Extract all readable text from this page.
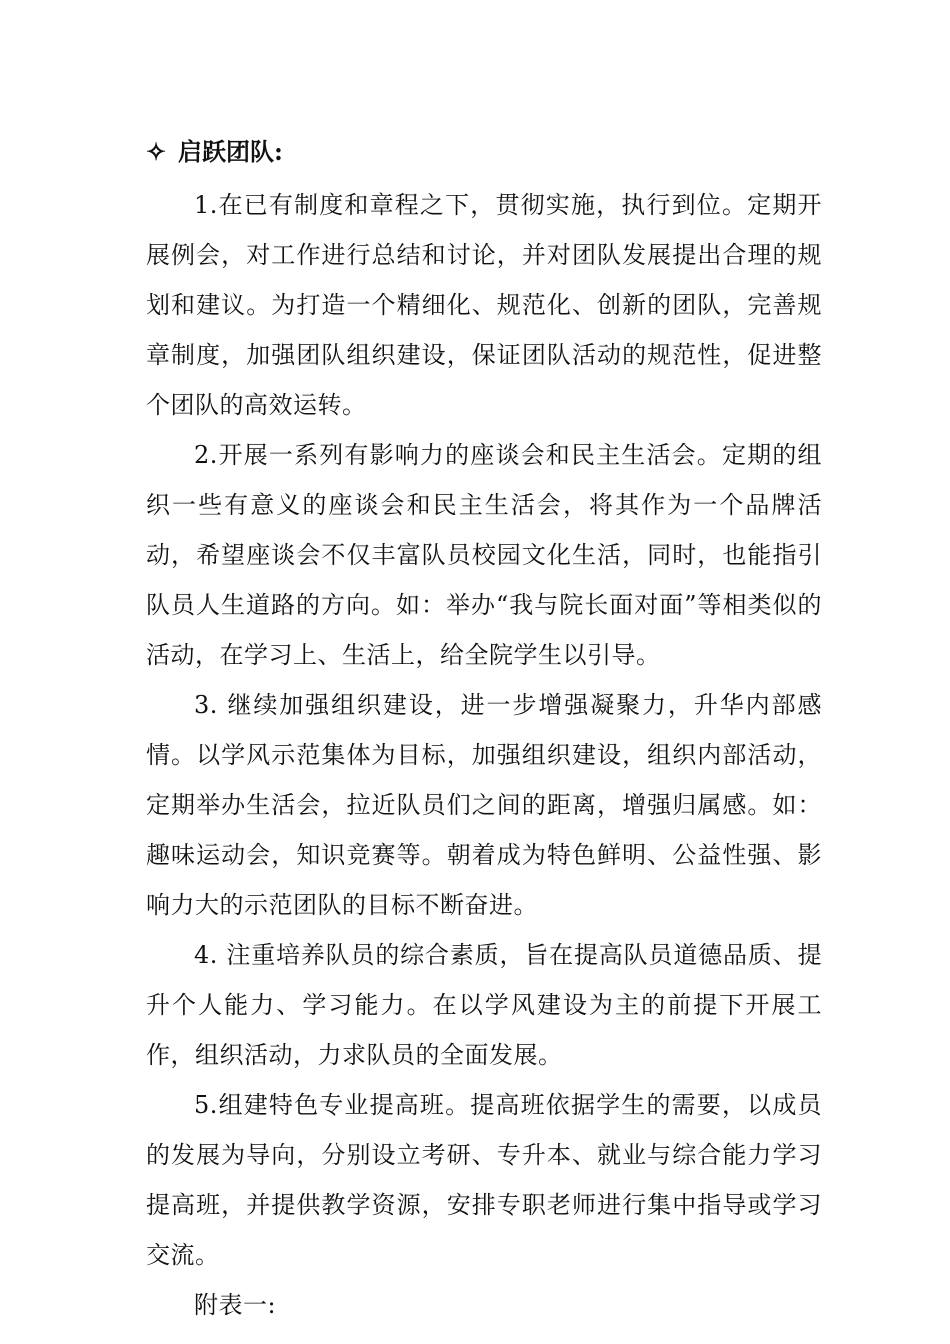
✧ 启跃团队:

1.在已有制度和章程之下，贯彻实施，执行到位。定期开展例会，对工作进行总结和讨论，并对团队发展提出合理的规划和建议。为打造一个精细化、规范化、创新的团队，完善规章制度，加强团队组织建设，保证团队活动的规范性，促进整个团队的高效运转。

2.开展一系列有影响力的座谈会和民主生活会。定期的组织一些有意义的座谈会和民主生活会，将其作为一个品牌活动，希望座谈会不仅丰富队员校园文化生活，同时，也能指引队员人生道路的方向。如：举办“我与院长面对面”等相类似的活动，在学习上、生活上，给全院学生以引导。

3. 继续加强组织建设，进一步增强凝聚力，升华内部感情。以学风示范集体为目标，加强组织建设，组织内部活动，定期举办生活会，拉近队员们之间的距离，增强归属感。如：趣味运动会，知识竞赛等。朝着成为特色鲜明、公益性强、影响力大的示范团队的目标不断奋进。

4. 注重培养队员的综合素质，旨在提高队员道德品质、提升个人能力、学习能力。在以学风建设为主的前提下开展工作，组织活动，力求队员的全面发展。

5.组建特色专业提高班。提高班依据学生的需要，以成员的发展为导向，分别设立考研、专升本、就业与综合能力学习提高班，并提供教学资源，安排专职老师进行集中指导或学习交流。

附表一:
